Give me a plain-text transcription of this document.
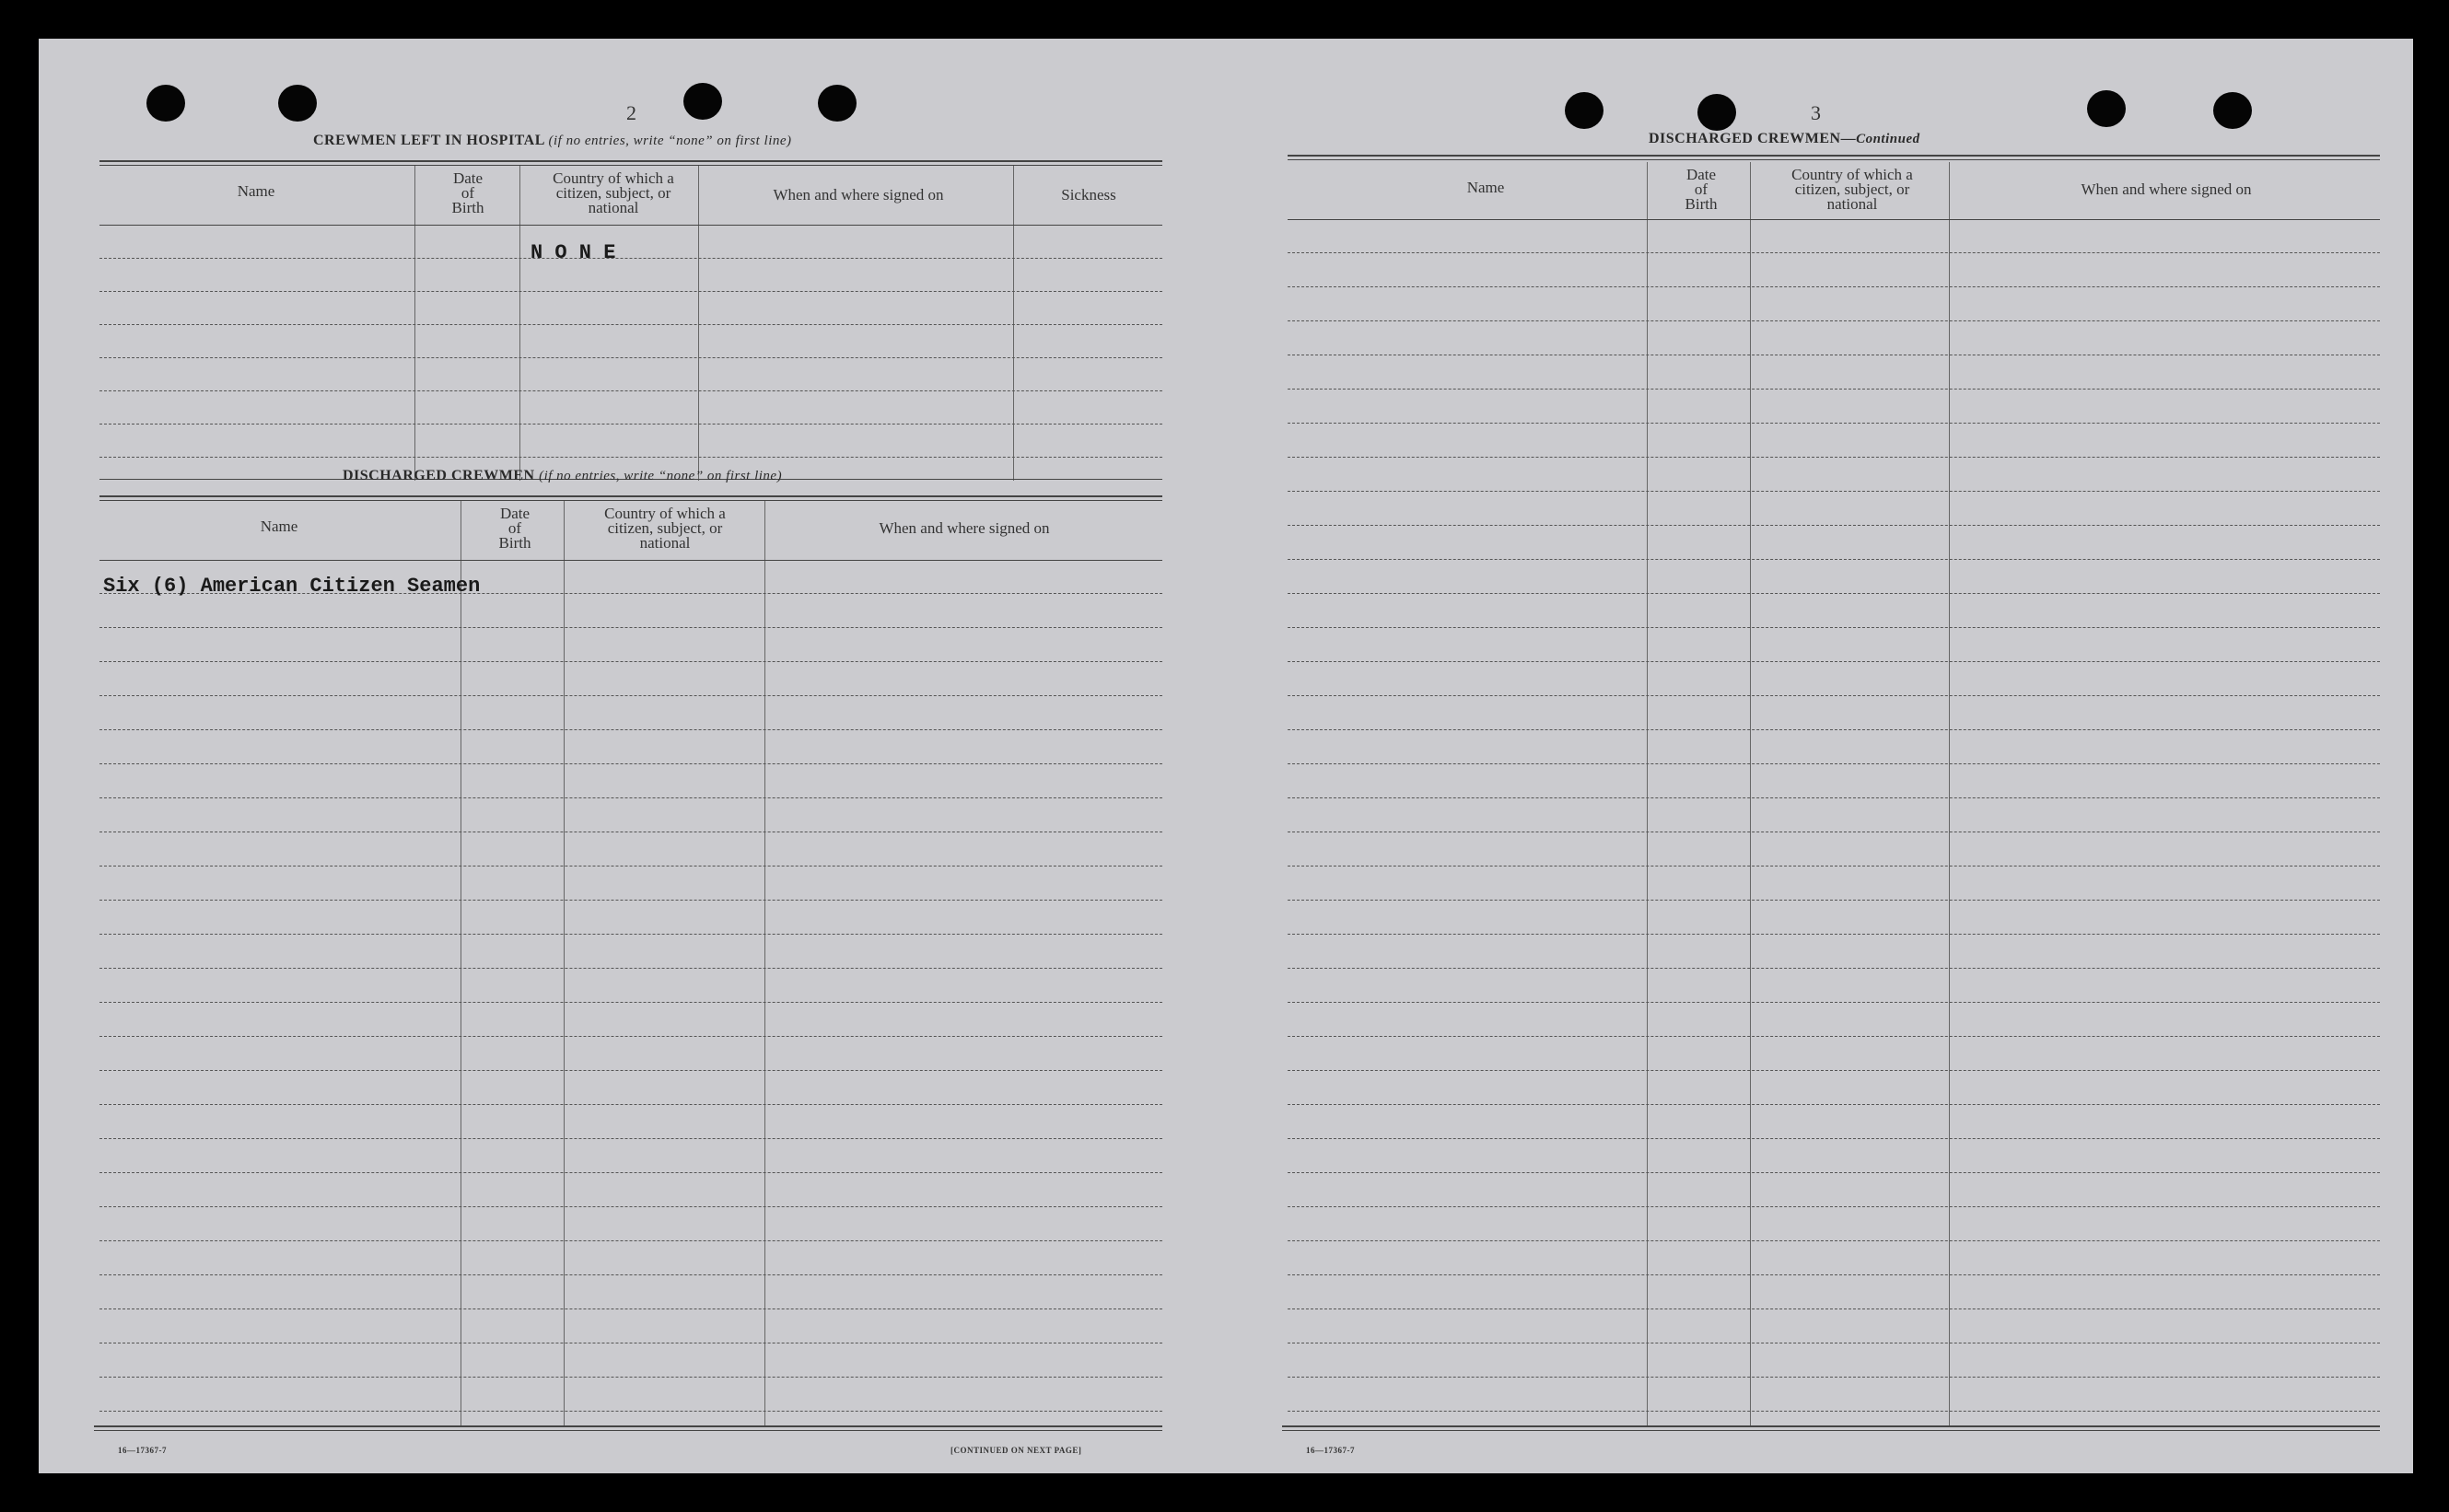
2
CREWMEN LEFT IN HOSPITAL (if no entries, write “none” on first line)
Name
Date
of
Birth
Country of which a
citizen, subject, or
national
When and where signed on	Sickness
N O N E
DISCHARGED CREWMEN (if no entries, write “none” on first line)
Name
Date
of
Birth
Country of which a
citizen, subject, or
national
When and where signed on
Six (6) American Citizen Seamen
16—17367-7	[CONTINUED ON NEXT PAGE]
3
DISCHARGED CREWMEN—Continued
Name
Date
of
Birth
Country of which a
citizen, subject, or
national
When and where signed on
16—17367-7
